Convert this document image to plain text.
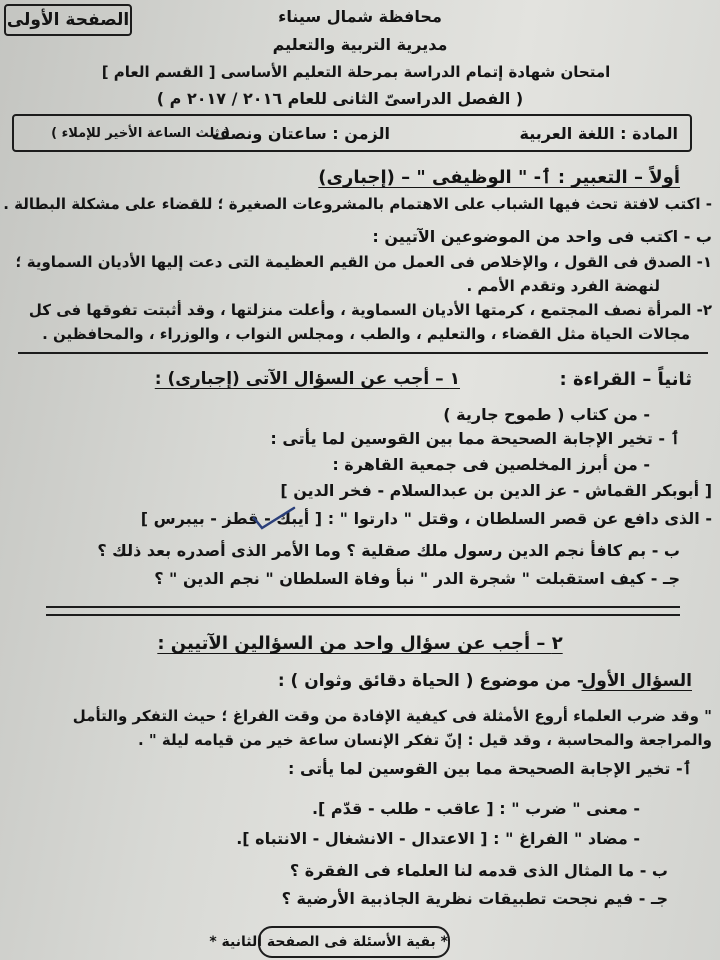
الصفحة الأولى	محافظة شمال سيناء
مديرية التربية والتعليم
امتحان شهادة إتمام الدراسة بمرحلة التعليم الأساسى [ القسم العام ]
( الفصل الدراسىّ الثانى للعام ٢٠١٦ / ٢٠١٧ م )
المادة : اللغة العربية
الزمن : ساعتان ونصف
( ثلث الساعة الأخير للإملاء )
أولاً – التعبير : ٲ- " الوظيفى " – (إجبارى)
- اكتب لافتة تحث فيها الشباب على الاهتمام بالمشروعات الصغيرة ؛ للقضاء على مشكلة البطالة .
ب - اكتب فى واحد من الموضوعين الآتيين :
١- الصدق فى القول ، والإخلاص فى العمل من القيم العظيمة التى دعت إليها الأديان السماوية ؛
لنهضة الفرد وتقدم الأمم .
٢- المرأة نصف المجتمع ، كرمتها الأديان السماوية ، وأعلت منزلتها ، وقد أثبتت تفوقها فى كل
مجالات الحياة مثل القضاء ، والتعليم ، والطب ، ومجلس النواب ، والوزراء ، والمحافظين .
ثانياً – القراءة :
١ – أجب عن السؤال الآتى (إجبارى) :
- من كتاب ( طموح جارية )
ٲ - تخير الإجابة الصحيحة مما بين القوسين لما يأتى :
- من أبرز المخلصين فى جمعية القاهرة :
[ أبوبكر القماش - عز الدين بن عبدالسلام - فخر الدين ]
- الذى دافع عن قصر السلطان ، وقتل " دارتوا " : [ أيبك - قطز - بيبرس ]
ب - بم كافأ نجم الدين رسول ملك صقلية ؟ وما الأمر الذى أصدره بعد ذلك ؟
جـ - كيف استقبلت " شجرة الدر " نبأ وفاة السلطان " نجم الدين " ؟
٢ – أجب عن سؤال واحد من السؤالين الآتيين :
السؤال الأول
- من موضوع ( الحياة دقائق وثوان ) :
" وقد ضرب العلماء أروع الأمثلة فى كيفية الإفادة من وقت الفراغ ؛ حيث التفكر والتأمل
والمراجعة والمحاسبة ، وقد قيل : إنّ تفكر الإنسان ساعة خير من قيامه ليلة " .
ٲ- تخير الإجابة الصحيحة مما بين القوسين لما يأتى :
- معنى " ضرب " : [ عاقب - طلب - قدّم ].
- مضاد " الفراغ " : [ الاعتدال - الانشغال - الانتباه ].
ب - ما المثال الذى قدمه لنا العلماء فى الفقرة ؟
جـ - فيم نجحت تطبيقات نظرية الجاذبية الأرضية ؟
* بقية الأسئلة فى الصفحة الثانية *
